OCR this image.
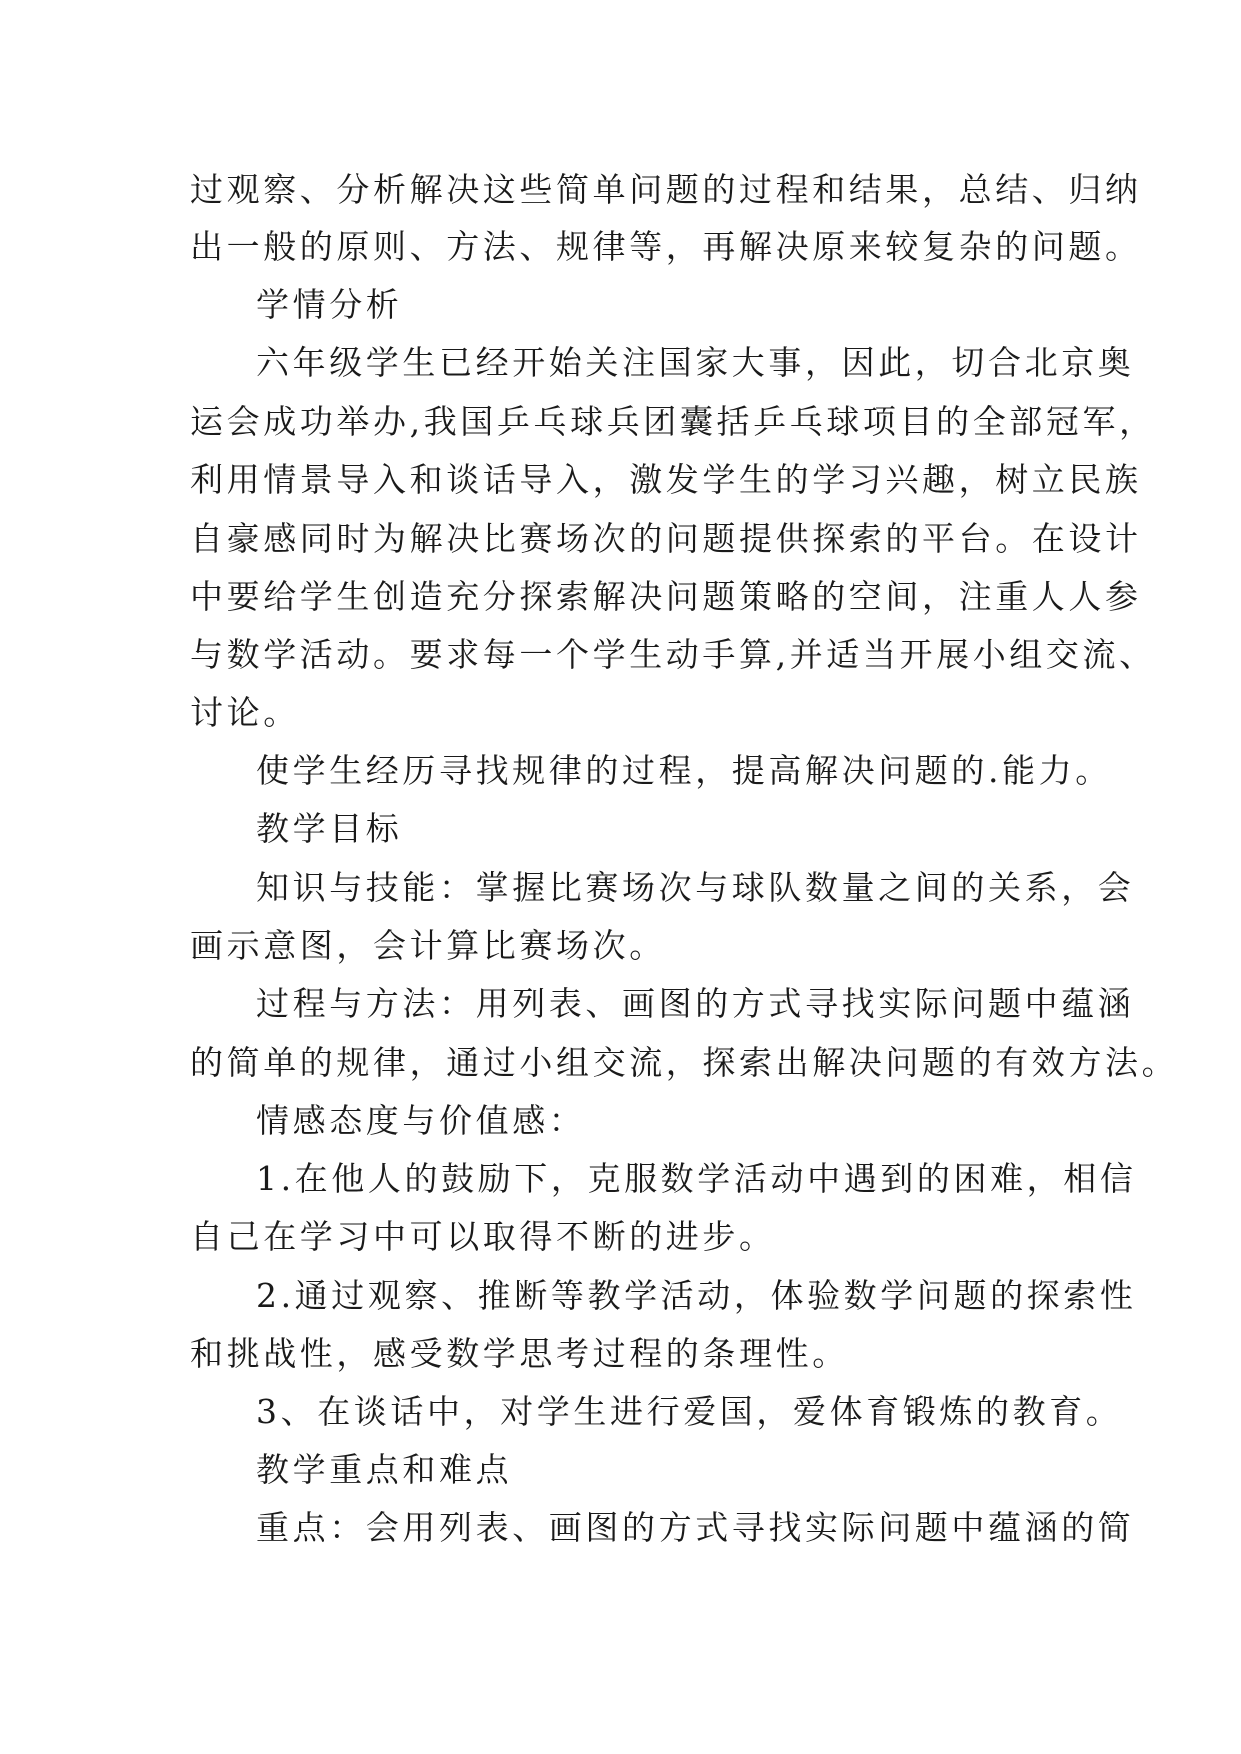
过观察、分析解决这些简单问题的过程和结果，总结、归纳
出一般的原则、方法、规律等，再解决原来较复杂的问题。
学情分析
六年级学生已经开始关注国家大事，因此，切合北京奥
运会成功举办,我国乒乓球兵团囊括乒乓球项目的全部冠军，
利用情景导入和谈话导入，激发学生的学习兴趣，树立民族
自豪感同时为解决比赛场次的问题提供探索的平台。在设计
中要给学生创造充分探索解决问题策略的空间，注重人人参
与数学活动。要求每一个学生动手算,并适当开展小组交流、
讨论。
使学生经历寻找规律的过程，提高解决问题的.能力。
教学目标
知识与技能：掌握比赛场次与球队数量之间的关系，会
画示意图，会计算比赛场次。
过程与方法：用列表、画图的方式寻找实际问题中蕴涵
的简单的规律，通过小组交流，探索出解决问题的有效方法。
情感态度与价值感：
1.在他人的鼓励下，克服数学活动中遇到的困难，相信
自己在学习中可以取得不断的进步。
2.通过观察、推断等教学活动，体验数学问题的探索性
和挑战性，感受数学思考过程的条理性。
3、在谈话中，对学生进行爱国，爱体育锻炼的教育。
教学重点和难点
重点：会用列表、画图的方式寻找实际问题中蕴涵的简
